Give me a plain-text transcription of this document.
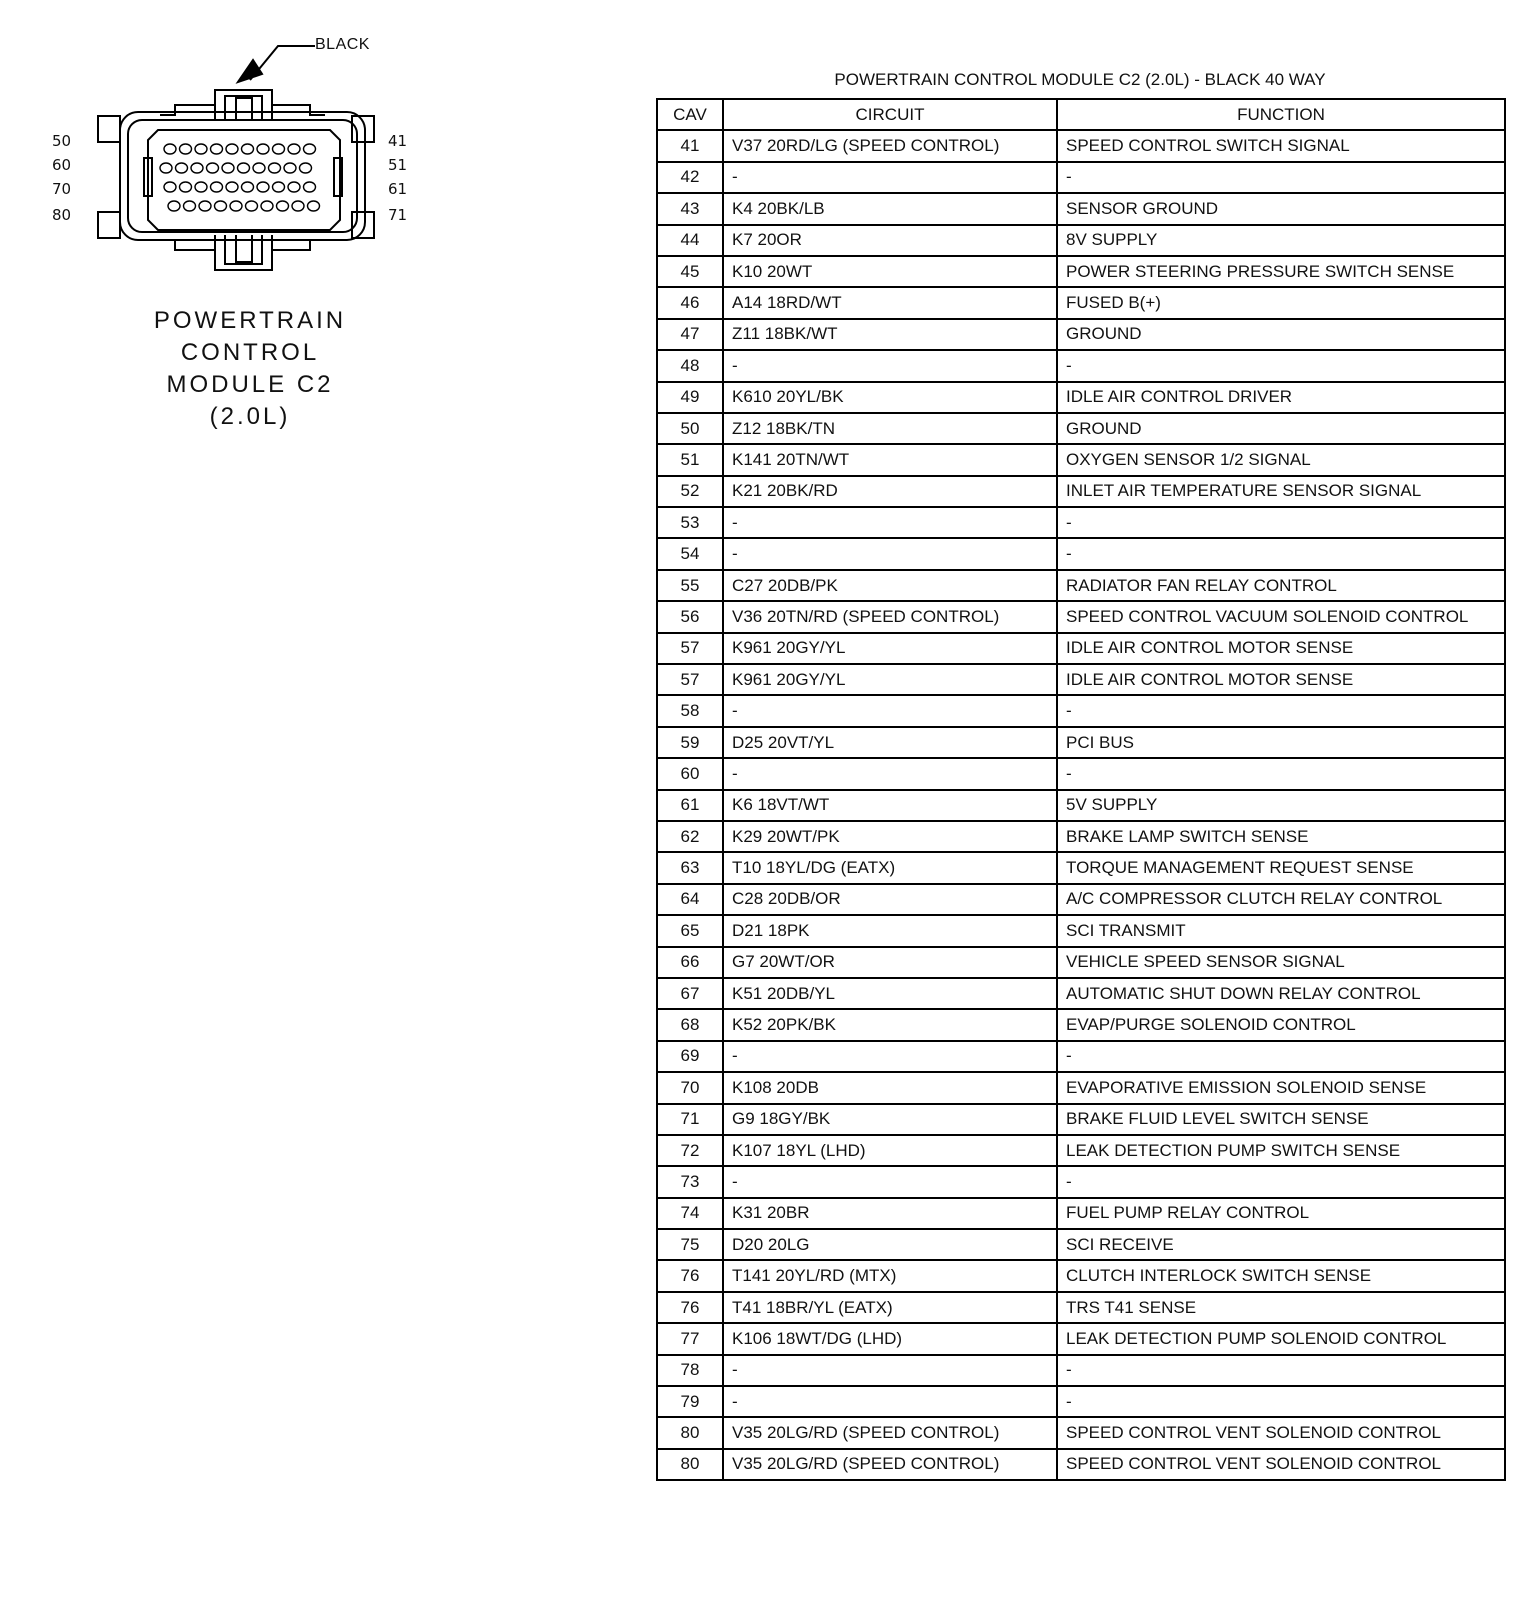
50
60
70
80
41
51
61
71
BLACK
POWERTRAIN
CONTROL
MODULE C2
(2.0L)
POWERTRAIN CONTROL MODULE C2 (2.0L) - BLACK 40 WAY
CAV	CIRCUIT	FUNCTION
41	V37 20RD/LG (SPEED CONTROL)	SPEED CONTROL SWITCH SIGNAL
42	-	-
43	K4 20BK/LB	SENSOR GROUND
44	K7 20OR	8V SUPPLY
45	K10 20WT	POWER STEERING PRESSURE SWITCH SENSE
46	A14 18RD/WT	FUSED B(+)
47	Z11 18BK/WT	GROUND
48	-	-
49	K610 20YL/BK	IDLE AIR CONTROL DRIVER
50	Z12 18BK/TN	GROUND
51	K141 20TN/WT	OXYGEN SENSOR 1/2 SIGNAL
52	K21 20BK/RD	INLET AIR TEMPERATURE SENSOR SIGNAL
53	-	-
54	-	-
55	C27 20DB/PK	RADIATOR FAN RELAY CONTROL
56	V36 20TN/RD (SPEED CONTROL)	SPEED CONTROL VACUUM SOLENOID CONTROL
57	K961 20GY/YL	IDLE AIR CONTROL MOTOR SENSE
57	K961 20GY/YL	IDLE AIR CONTROL MOTOR SENSE
58	-	-
59	D25 20VT/YL	PCI BUS
60	-	-
61	K6 18VT/WT	5V SUPPLY
62	K29 20WT/PK	BRAKE LAMP SWITCH SENSE
63	T10 18YL/DG (EATX)	TORQUE MANAGEMENT REQUEST SENSE
64	C28 20DB/OR	A/C COMPRESSOR CLUTCH RELAY CONTROL
65	D21 18PK	SCI TRANSMIT
66	G7 20WT/OR	VEHICLE SPEED SENSOR SIGNAL
67	K51 20DB/YL	AUTOMATIC SHUT DOWN RELAY CONTROL
68	K52 20PK/BK	EVAP/PURGE SOLENOID CONTROL
69	-	-
70	K108 20DB	EVAPORATIVE EMISSION SOLENOID SENSE
71	G9 18GY/BK	BRAKE FLUID LEVEL SWITCH SENSE
72	K107 18YL (LHD)	LEAK DETECTION PUMP SWITCH SENSE
73	-	-
74	K31 20BR	FUEL PUMP RELAY CONTROL
75	D20 20LG	SCI RECEIVE
76	T141 20YL/RD (MTX)	CLUTCH INTERLOCK SWITCH SENSE
76	T41 18BR/YL (EATX)	TRS T41 SENSE
77	K106 18WT/DG (LHD)	LEAK DETECTION PUMP SOLENOID CONTROL
78	-	-
79	-	-
80	V35 20LG/RD (SPEED CONTROL)	SPEED CONTROL VENT SOLENOID CONTROL
80	V35 20LG/RD (SPEED CONTROL)	SPEED CONTROL VENT SOLENOID CONTROL
